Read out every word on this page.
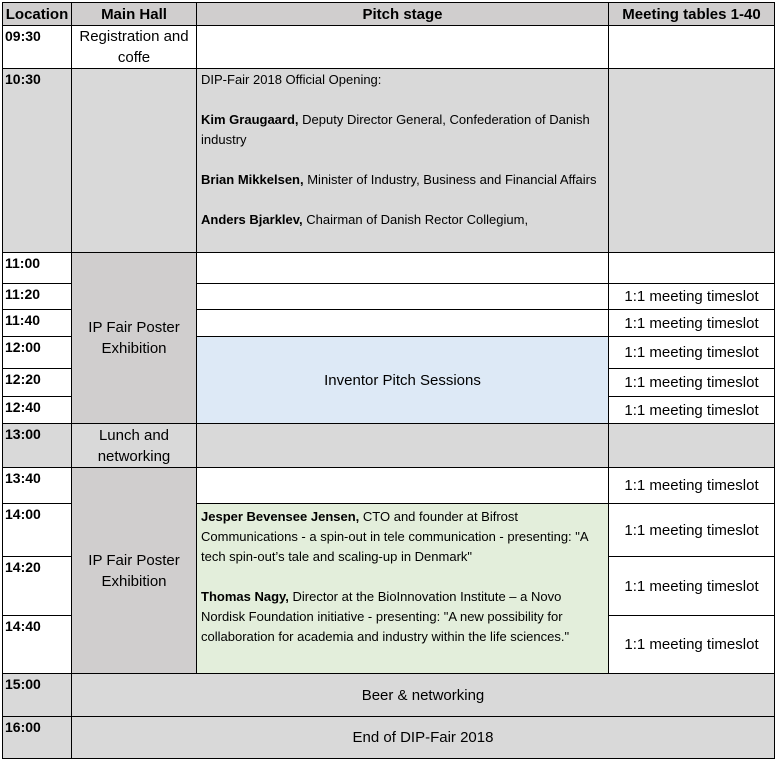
Location	Main Hall	Pitch stage	Meeting tables 1-40
09:30	Registration and coffe		
10:30		DIP-Fair 2018 Official Opening:

Kim Graugaard, Deputy Director General, Confederation of Danish industry

Brian Mikkelsen, Minister of Industry, Business and Financial Affairs

Anders Bjarklev, Chairman of Danish Rector Collegium,	

11:00	IP Fair Poster Exhibition		
11:20			1:1 meeting timeslot
11:40			1:1 meeting timeslot
12:00		Inventor Pitch Sessions	1:1 meeting timeslot
12:20			1:1 meeting timeslot
12:40			1:1 meeting timeslot
13:00	Lunch and networking		
13:40	IP Fair Poster Exhibition		1:1 meeting timeslot
14:00		Jesper Bevensee Jensen, CTO and founder at Bifrost Communications - a spin-out in tele communication - presenting: "A tech spin-out’s tale and scaling-up in Denmark"

Thomas Nagy, Director at the BioInnovation Institute – a Novo Nordisk Foundation initiative - presenting: "A new possibility for collaboration for academia and industry within the life sciences."	1:1 meeting timeslot
14:20			1:1 meeting timeslot
14:40			1:1 meeting timeslot
15:00	Beer & networking		
16:00	End of DIP-Fair 2018		
